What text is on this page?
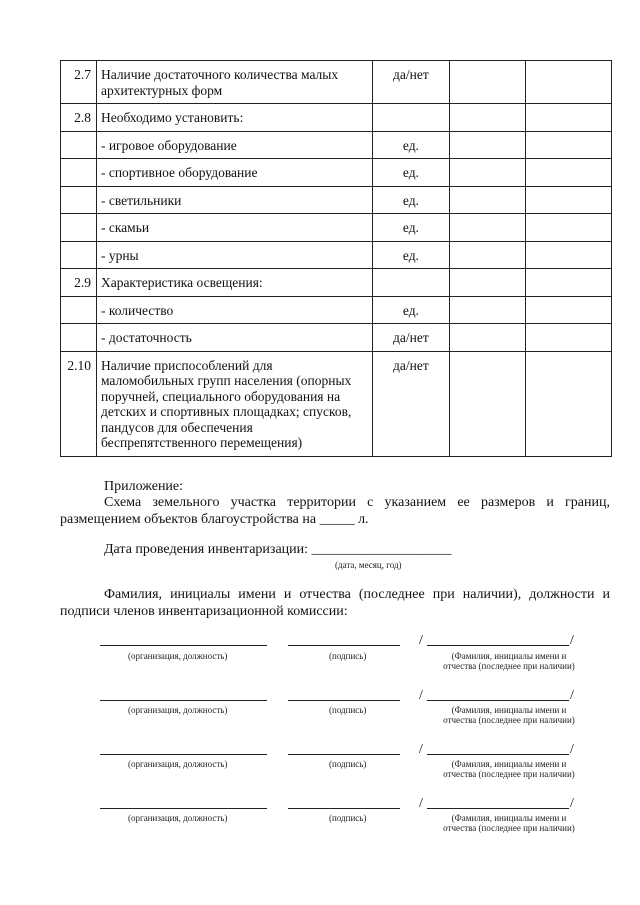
2.7	Наличие достаточного количества малых архитектурных форм	да/нет		
2.8	Необходимо установить:			
	- игровое оборудование	ед.		
	- спортивное оборудование	ед.		
	- светильники	ед.		
	- скамьи	ед.		
	- урны	ед.		
2.9	Характеристика освещения:			
	- количество	ед.		
	- достаточность	да/нет		
2.10	Наличие приспособлений для маломобильных групп населения (опорных поручней, специального оборудования на детских и спортивных площадках; спусков, пандусов для обеспечения беспрепятственного перемещения)	да/нет		
Приложение:
Схема земельного участка территории с указанием ее размеров и границ,
размещением объектов благоустройства на _____ л.
Дата проведения инвентаризации: ____________________
(дата, месяц, год)
Фамилия, инициалы имени и отчества (последнее при наличии), должности и
подписи членов инвентаризационной комиссии:
/	/
(организация, должность)	(подпись)	(Фамилия, инициалы имени и
отчества (последнее при наличии)
/	/
(организация, должность)	(подпись)	(Фамилия, инициалы имени и
отчества (последнее при наличии)
/	/
(организация, должность)	(подпись)	(Фамилия, инициалы имени и
отчества (последнее при наличии)
/	/
(организация, должность)	(подпись)	(Фамилия, инициалы имени и
отчества (последнее при наличии)
